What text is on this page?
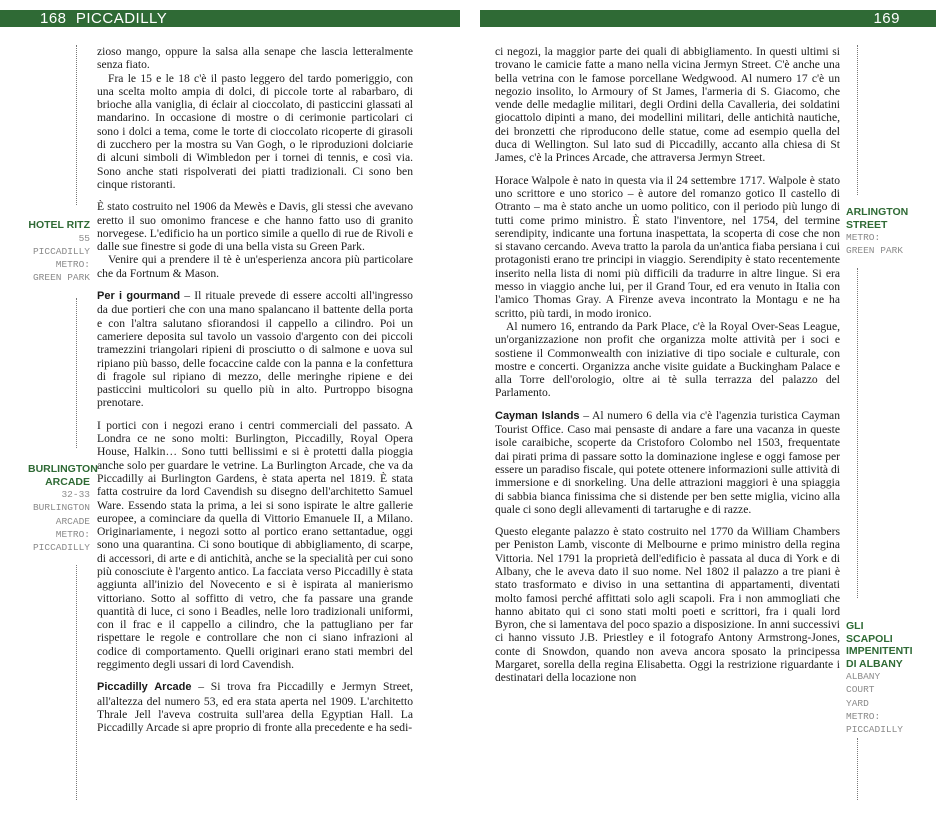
168  PICCADILLY	169
HOTEL RITZ
55
PICCADILLY
METRO:
GREEN PARK
BURLINGTON ARCADE
32-33
BURLINGTON
ARCADE
METRO:
PICCADILLY
ARLINGTON STREET
METRO:
GREEN PARK
GLI SCAPOLI IMPENITENTI DI ALBANY
ALBANY
COURT
YARD
METRO:
PICCADILLY

zioso mango, oppure la salsa alla senape che lascia letteralmente senza fiato.

Fra le 15 e le 18 c'è il pasto leggero del tardo pomeriggio, con una scelta molto ampia di dolci, di piccole torte al rabarbaro, di brioche alla vaniglia, di éclair al cioccolato, di pasticcini glassati al mandarino. In occasione di mostre o di cerimonie particolari ci sono i dolci a tema, come le torte di cioccolato ricoperte di girasoli di zucchero per la mostra su Van Gogh, o le riproduzioni dolciarie di alcuni simboli di Wimbledon per i tornei di tennis, e così via. Sono anche stati rispolverati dei piatti tradizionali. Ci sono ben cinque ristoranti.

È stato costruito nel 1906 da Mewès e Davis, gli stessi che avevano eretto il suo omonimo francese e che hanno fatto uso di granito norvegese. L'edificio ha un portico simile a quello di rue de Rivoli e dalle sue finestre si gode di una bella vista su Green Park.

Venire qui a prendere il tè è un'esperienza ancora più particolare che da Fortnum & Mason.

Per i gourmand – Il rituale prevede di essere accolti all'ingresso da due portieri che con una mano spalancano il battente della porta e con l'altra salutano sfiorandosi il cappello a cilindro. Poi un cameriere deposita sul tavolo un vassoio d'argento con dei piccoli tramezzini triangolari ripieni di prosciutto o di salmone e uova sul ripiano più basso, delle focaccine calde con la panna e la confettura di fragole sul ripiano di mezzo, delle meringhe ripiene e dei pasticcini multicolori su quello più in alto. Purtroppo bisogna prenotare.

I portici con i negozi erano i centri commerciali del passato. A Londra ce ne sono molti: Burlington, Piccadilly, Royal Opera House, Halkin… Sono tutti bellissimi e si è protetti dalla pioggia anche solo per guardare le vetrine. La Burlington Arcade, che va da Piccadilly ai Burlington Gardens, è stata aperta nel 1819. È stata fatta costruire da lord Cavendish su disegno dell'architetto Samuel Ware. Essendo stata la prima, a lei si sono ispirate le altre gallerie europee, a cominciare da quella di Vittorio Emanuele II, a Milano. Originariamente, i negozi sotto al portico erano settantadue, oggi sono una quarantina. Ci sono boutique di abbigliamento, di scarpe, di accessori, di arte e di antichità, anche se la specialità per cui sono più conosciute è l'argento antico. La facciata verso Piccadilly è stata aggiunta all'inizio del Novecento e si è ispirata al manierismo vittoriano. Sotto al soffitto di vetro, che fa passare una grande quantità di luce, ci sono i Beadles, nelle loro tradizionali uniformi, con il frac e il cappello a cilindro, che la pattugliano per far rispettare le regole e controllare che non ci siano infrazioni al codice di comportamento. Quelli originari erano stati membri del reggimento degli ussari di lord Cavendish.

Piccadilly Arcade – Si trova fra Piccadilly e Jermyn Street, all'altezza del numero 53, ed era stata aperta nel 1909. L'architetto Thrale Jell l'aveva costruita sull'area della Egyptian Hall. La Piccadilly Arcade si apre proprio di fronte alla precedente e ha sedi-

ci negozi, la maggior parte dei quali di abbigliamento. In questi ultimi si trovano le camicie fatte a mano nella vicina Jermyn Street. C'è anche una bella vetrina con le famose porcellane Wedgwood. Al numero 17 c'è un negozio insolito, lo Armoury of St James, l'armeria di S. Giacomo, che vende delle medaglie militari, degli Ordini della Cavalleria, dei soldatini giocattolo dipinti a mano, dei modellini militari, delle antichità nautiche, dei bronzetti che riproducono delle statue, come ad esempio quella del duca di Wellington. Sul lato sud di Piccadilly, accanto alla chiesa di St James, c'è la Princes Arcade, che attraversa Jermyn Street.

Horace Walpole è nato in questa via il 24 settembre 1717. Walpole è stato uno scrittore e uno storico – è autore del romanzo gotico Il castello di Otranto – ma è stato anche un uomo politico, con il periodo più lungo di tutti come primo ministro. È stato l'inventore, nel 1754, del termine serendipity, indicante una fortuna inaspettata, la scoperta di cose che non si stavano cercando. Aveva tratto la parola da un'antica fiaba persiana i cui protagonisti erano tre principi in viaggio. Serendipity è stato recentemente inserito nella lista di nomi più difficili da tradurre in altre lingue. Si era messo in viaggio anche lui, per il Grand Tour, ed era venuto in Italia con l'amico Thomas Gray. A Firenze aveva incontrato la Montagu e ne ha scritto, più tardi, in modo ironico.

Al numero 16, entrando da Park Place, c'è la Royal Over-Seas League, un'organizzazione non profit che organizza molte attività per i soci e sostiene il Commonwealth con iniziative di tipo sociale e culturale, con mostre e concerti. Organizza anche visite guidate a Buckingham Palace e alla Torre dell'orologio, oltre ai tè sulla terrazza del palazzo del Parlamento.

Cayman Islands – Al numero 6 della via c'è l'agenzia turistica Cayman Tourist Office. Caso mai pensaste di andare a fare una vacanza in queste isole caraibiche, scoperte da Cristoforo Colombo nel 1503, frequentate dai pirati prima di passare sotto la dominazione inglese e oggi famose per essere un paradiso fiscale, qui potete ottenere informazioni sulle attività di immersione e di snorkeling. Una delle attrazioni maggiori è una spiaggia di sabbia bianca finissima che si distende per ben sette miglia, vicino alla quale ci sono degli allevamenti di tartarughe e di razze.

Questo elegante palazzo è stato costruito nel 1770 da William Chambers per Peniston Lamb, visconte di Melbourne e primo ministro della regina Vittoria. Nel 1791 la proprietà dell'edificio è passata al duca di York e di Albany, che le aveva dato il suo nome. Nel 1802 il palazzo a tre piani è stato trasformato e diviso in una settantina di appartamenti, diventati molto famosi perché affittati solo agli scapoli. Fra i non ammogliati che hanno abitato qui ci sono stati molti poeti e scrittori, fra i quali lord Byron, che si lamentava del poco spazio a disposizione. In anni successivi ci hanno vissuto J.B. Priestley e il fotografo Antony Armstrong-Jones, conte di Snowdon, quando non aveva ancora sposato la principessa Margaret, sorella della regina Elisabetta. Oggi la restrizione riguardante i destinatari della locazione non
